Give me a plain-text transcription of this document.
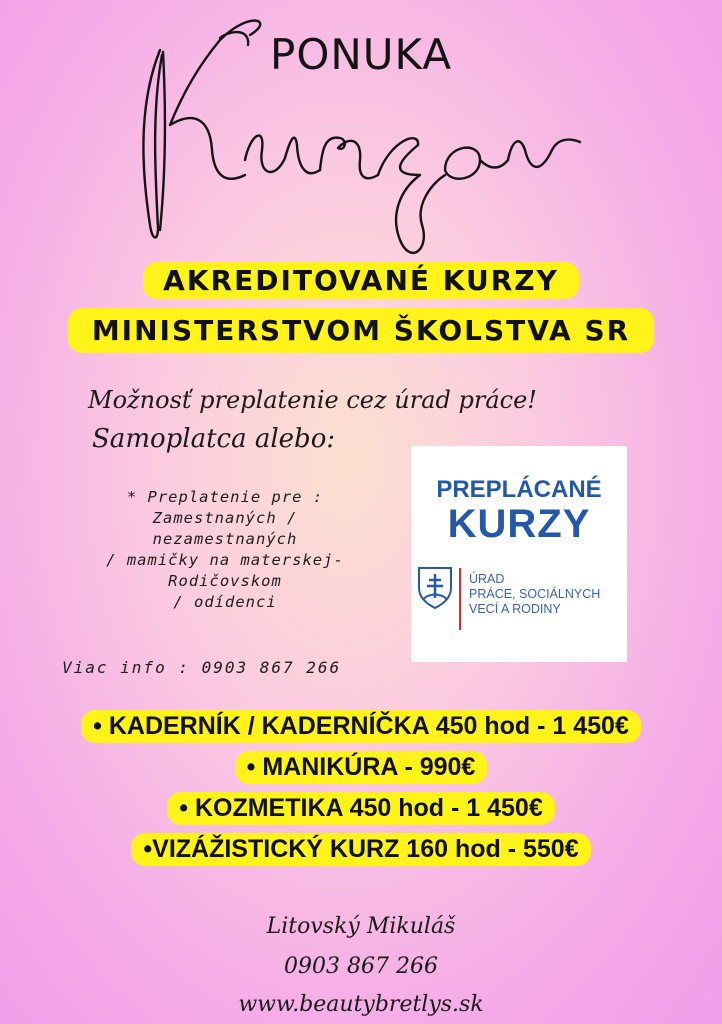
PONUKA
AKREDITOVANÉ KURZY
MINISTERSTVOM ŠKOLSTVA SR
Možnosť preplatenie cez úrad práce!
Samoplatca alebo:
* Preplatenie pre :
Zamestnaných /
nezamestnaných
/ mamičky na materskej-
Rodičovskom
/ odídenci
Viac info : 0903 867 266
PREPLÁCANÉ
KURZY
ÚRAD
PRÁCE, SOCIÁLNYCH
VECÍ A RODINY
• KADERNÍK / KADERNÍČKA 450 hod - 1 450€
• MANIKÚRA - 990€
• KOZMETIKA 450 hod - 1 450€
•VIZÁŽISTICKÝ KURZ 160 hod - 550€
Litovský Mikuláš
0903 867 266
www.beautybretlys.sk
